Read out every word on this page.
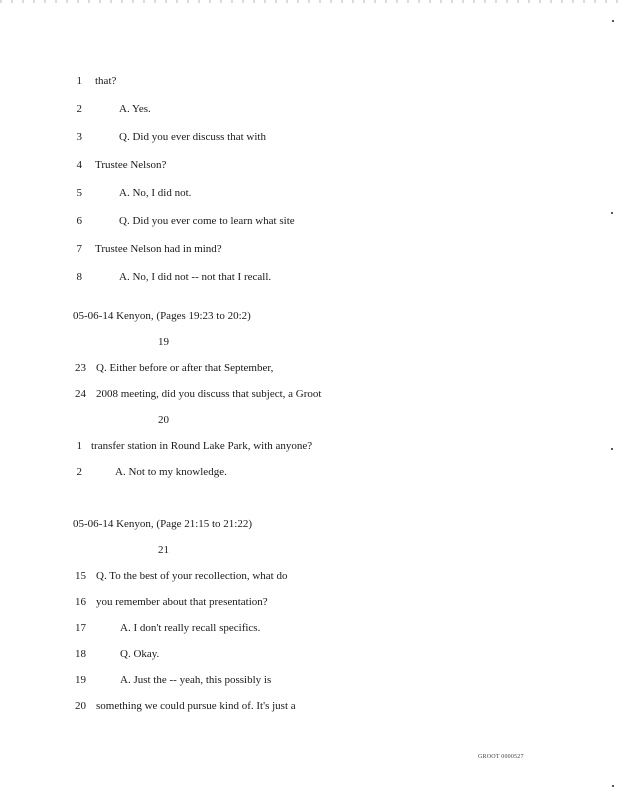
1 that?
2	A. Yes.
3	Q. Did you ever discuss that with
4 Trustee Nelson?
5	A. No, I did not.
6	Q. Did you ever come to learn what site
7 Trustee Nelson had in mind?
8	A. No, I did not -- not that I recall.
05-06-14 Kenyon, (Pages 19:23 to 20:2)
19
23 Q. Either before or after that September,
24 2008 meeting, did you discuss that subject, a Groot
20
1 transfer station in Round Lake Park, with anyone?
2	A. Not to my knowledge.
05-06-14 Kenyon, (Page 21:15 to 21:22)
21
15 Q. To the best of your recollection, what do
16 you remember about that presentation?
17	A. I don't really recall specifics.
18	Q. Okay.
19	A. Just the -- yeah, this possibly is
20 something we could pursue kind of. It's just a
GROOT 0000527
